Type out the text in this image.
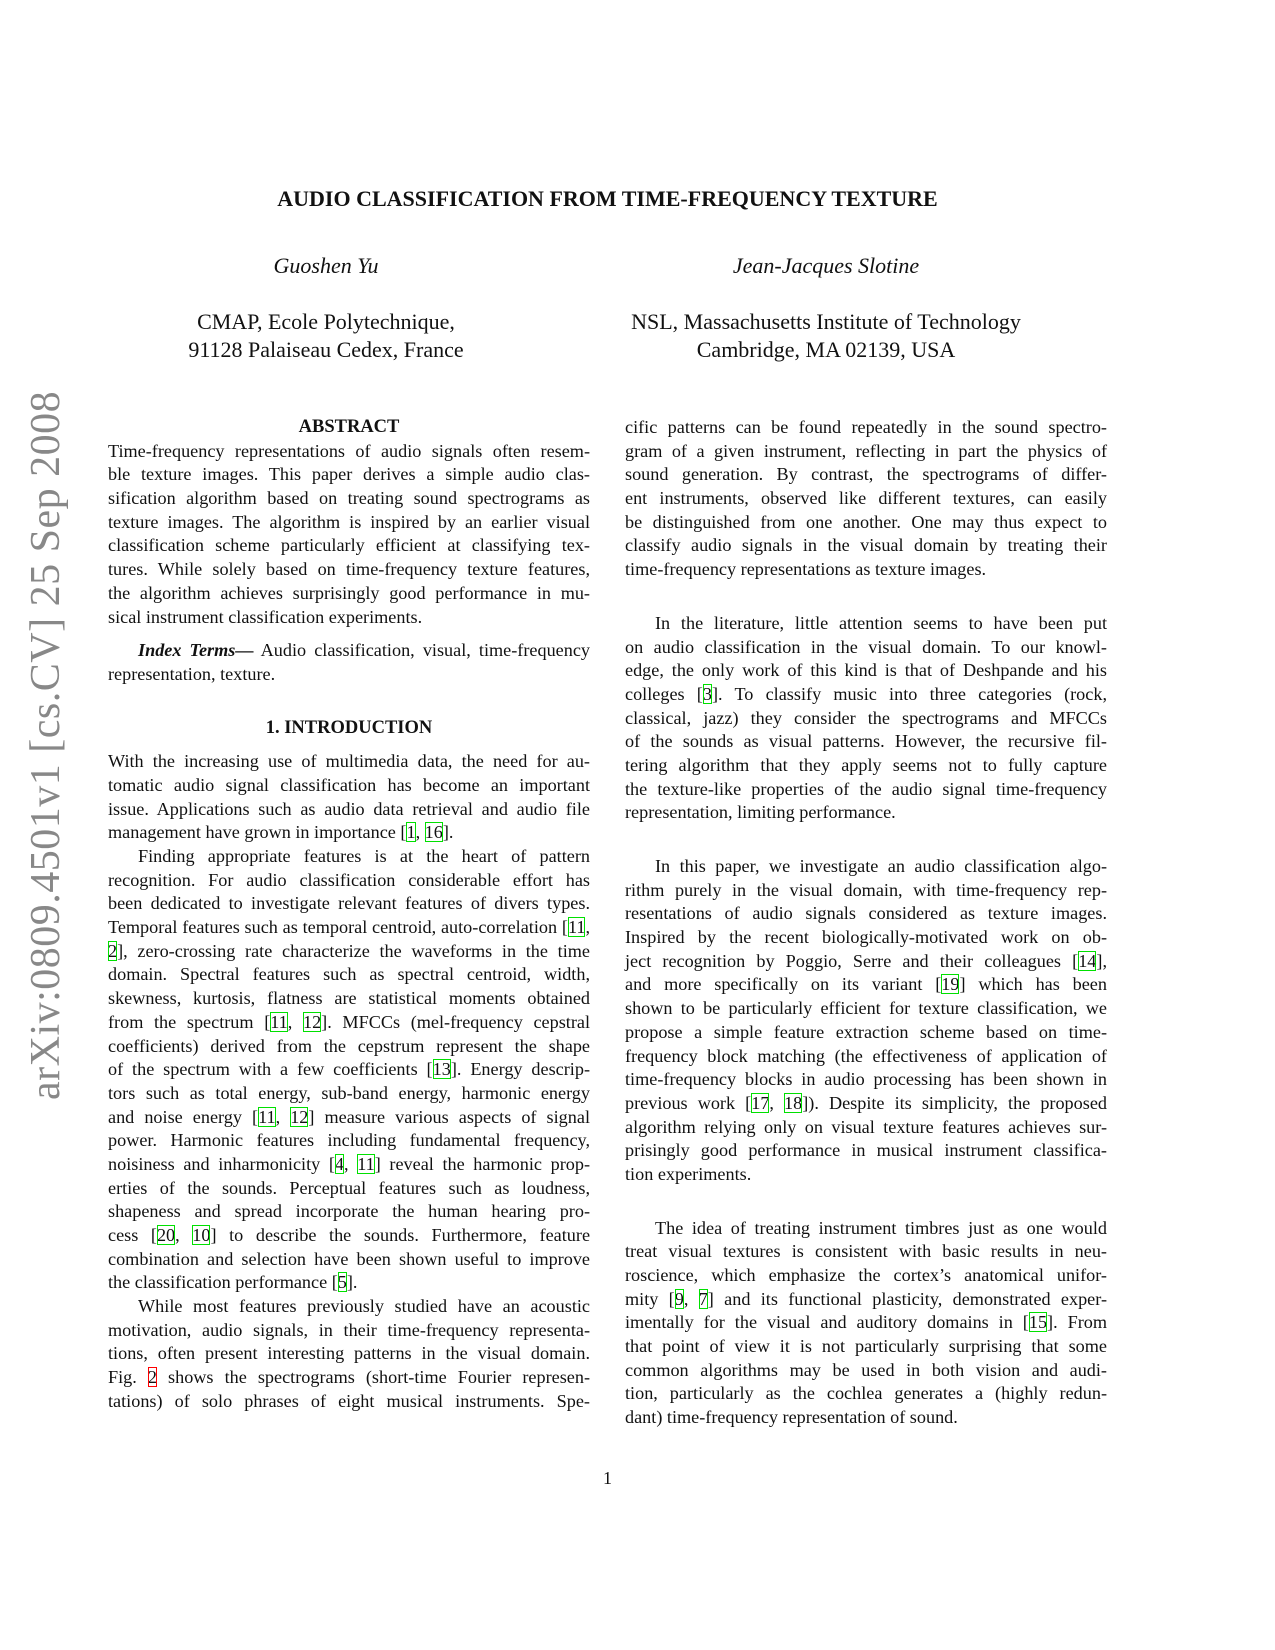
arXiv:0809.4501v1 [cs.CV] 25 Sep 2008
AUDIO CLASSIFICATION FROM TIME-FREQUENCY TEXTURE
Guoshen Yu	Jean-Jacques Slotine
CMAP, Ecole Polytechnique,
91128 Palaiseau Cedex, France
NSL, Massachusetts Institute of Technology
Cambridge, MA 02139, USA
ABSTRACT
Time-frequency representations of audio signals often resem-
ble texture images. This paper derives a simple audio clas-
sification algorithm based on treating sound spectrograms as
texture images. The algorithm is inspired by an earlier visual
classification scheme particularly efficient at classifying tex-
tures. While solely based on time-frequency texture features,
the algorithm achieves surprisingly good performance in mu-
sical instrument classification experiments.
Index Terms— Audio classification, visual, time-frequency
representation, texture.
1. INTRODUCTION
With the increasing use of multimedia data, the need for au-
tomatic audio signal classification has become an important
issue. Applications such as audio data retrieval and audio file
management have grown in importance [1, 16].
Finding appropriate features is at the heart of pattern
recognition. For audio classification considerable effort has
been dedicated to investigate relevant features of divers types.
Temporal features such as temporal centroid, auto-correlation [11,
2], zero-crossing rate characterize the waveforms in the time
domain. Spectral features such as spectral centroid, width,
skewness, kurtosis, flatness are statistical moments obtained
from the spectrum [11, 12]. MFCCs (mel-frequency cepstral
coefficients) derived from the cepstrum represent the shape
of the spectrum with a few coefficients [13]. Energy descrip-
tors such as total energy, sub-band energy, harmonic energy
and noise energy [11, 12] measure various aspects of signal
power. Harmonic features including fundamental frequency,
noisiness and inharmonicity [4, 11] reveal the harmonic prop-
erties of the sounds. Perceptual features such as loudness,
shapeness and spread incorporate the human hearing pro-
cess [20, 10] to describe the sounds. Furthermore, feature
combination and selection have been shown useful to improve
the classification performance [5].
While most features previously studied have an acoustic
motivation, audio signals, in their time-frequency representa-
tions, often present interesting patterns in the visual domain.
Fig. 2 shows the spectrograms (short-time Fourier represen-
tations) of solo phrases of eight musical instruments. Spe-
cific patterns can be found repeatedly in the sound spectro-
gram of a given instrument, reflecting in part the physics of
sound generation. By contrast, the spectrograms of differ-
ent instruments, observed like different textures, can easily
be distinguished from one another. One may thus expect to
classify audio signals in the visual domain by treating their
time-frequency representations as texture images.
In the literature, little attention seems to have been put
on audio classification in the visual domain. To our knowl-
edge, the only work of this kind is that of Deshpande and his
colleges [3]. To classify music into three categories (rock,
classical, jazz) they consider the spectrograms and MFCCs
of the sounds as visual patterns. However, the recursive fil-
tering algorithm that they apply seems not to fully capture
the texture-like properties of the audio signal time-frequency
representation, limiting performance.
In this paper, we investigate an audio classification algo-
rithm purely in the visual domain, with time-frequency rep-
resentations of audio signals considered as texture images.
Inspired by the recent biologically-motivated work on ob-
ject recognition by Poggio, Serre and their colleagues [14],
and more specifically on its variant [19] which has been
shown to be particularly efficient for texture classification, we
propose a simple feature extraction scheme based on time-
frequency block matching (the effectiveness of application of
time-frequency blocks in audio processing has been shown in
previous work [17, 18]). Despite its simplicity, the proposed
algorithm relying only on visual texture features achieves sur-
prisingly good performance in musical instrument classifica-
tion experiments.
The idea of treating instrument timbres just as one would
treat visual textures is consistent with basic results in neu-
roscience, which emphasize the cortex’s anatomical unifor-
mity [9, 7] and its functional plasticity, demonstrated exper-
imentally for the visual and auditory domains in [15]. From
that point of view it is not particularly surprising that some
common algorithms may be used in both vision and audi-
tion, particularly as the cochlea generates a (highly redun-
dant) time-frequency representation of sound.
1
